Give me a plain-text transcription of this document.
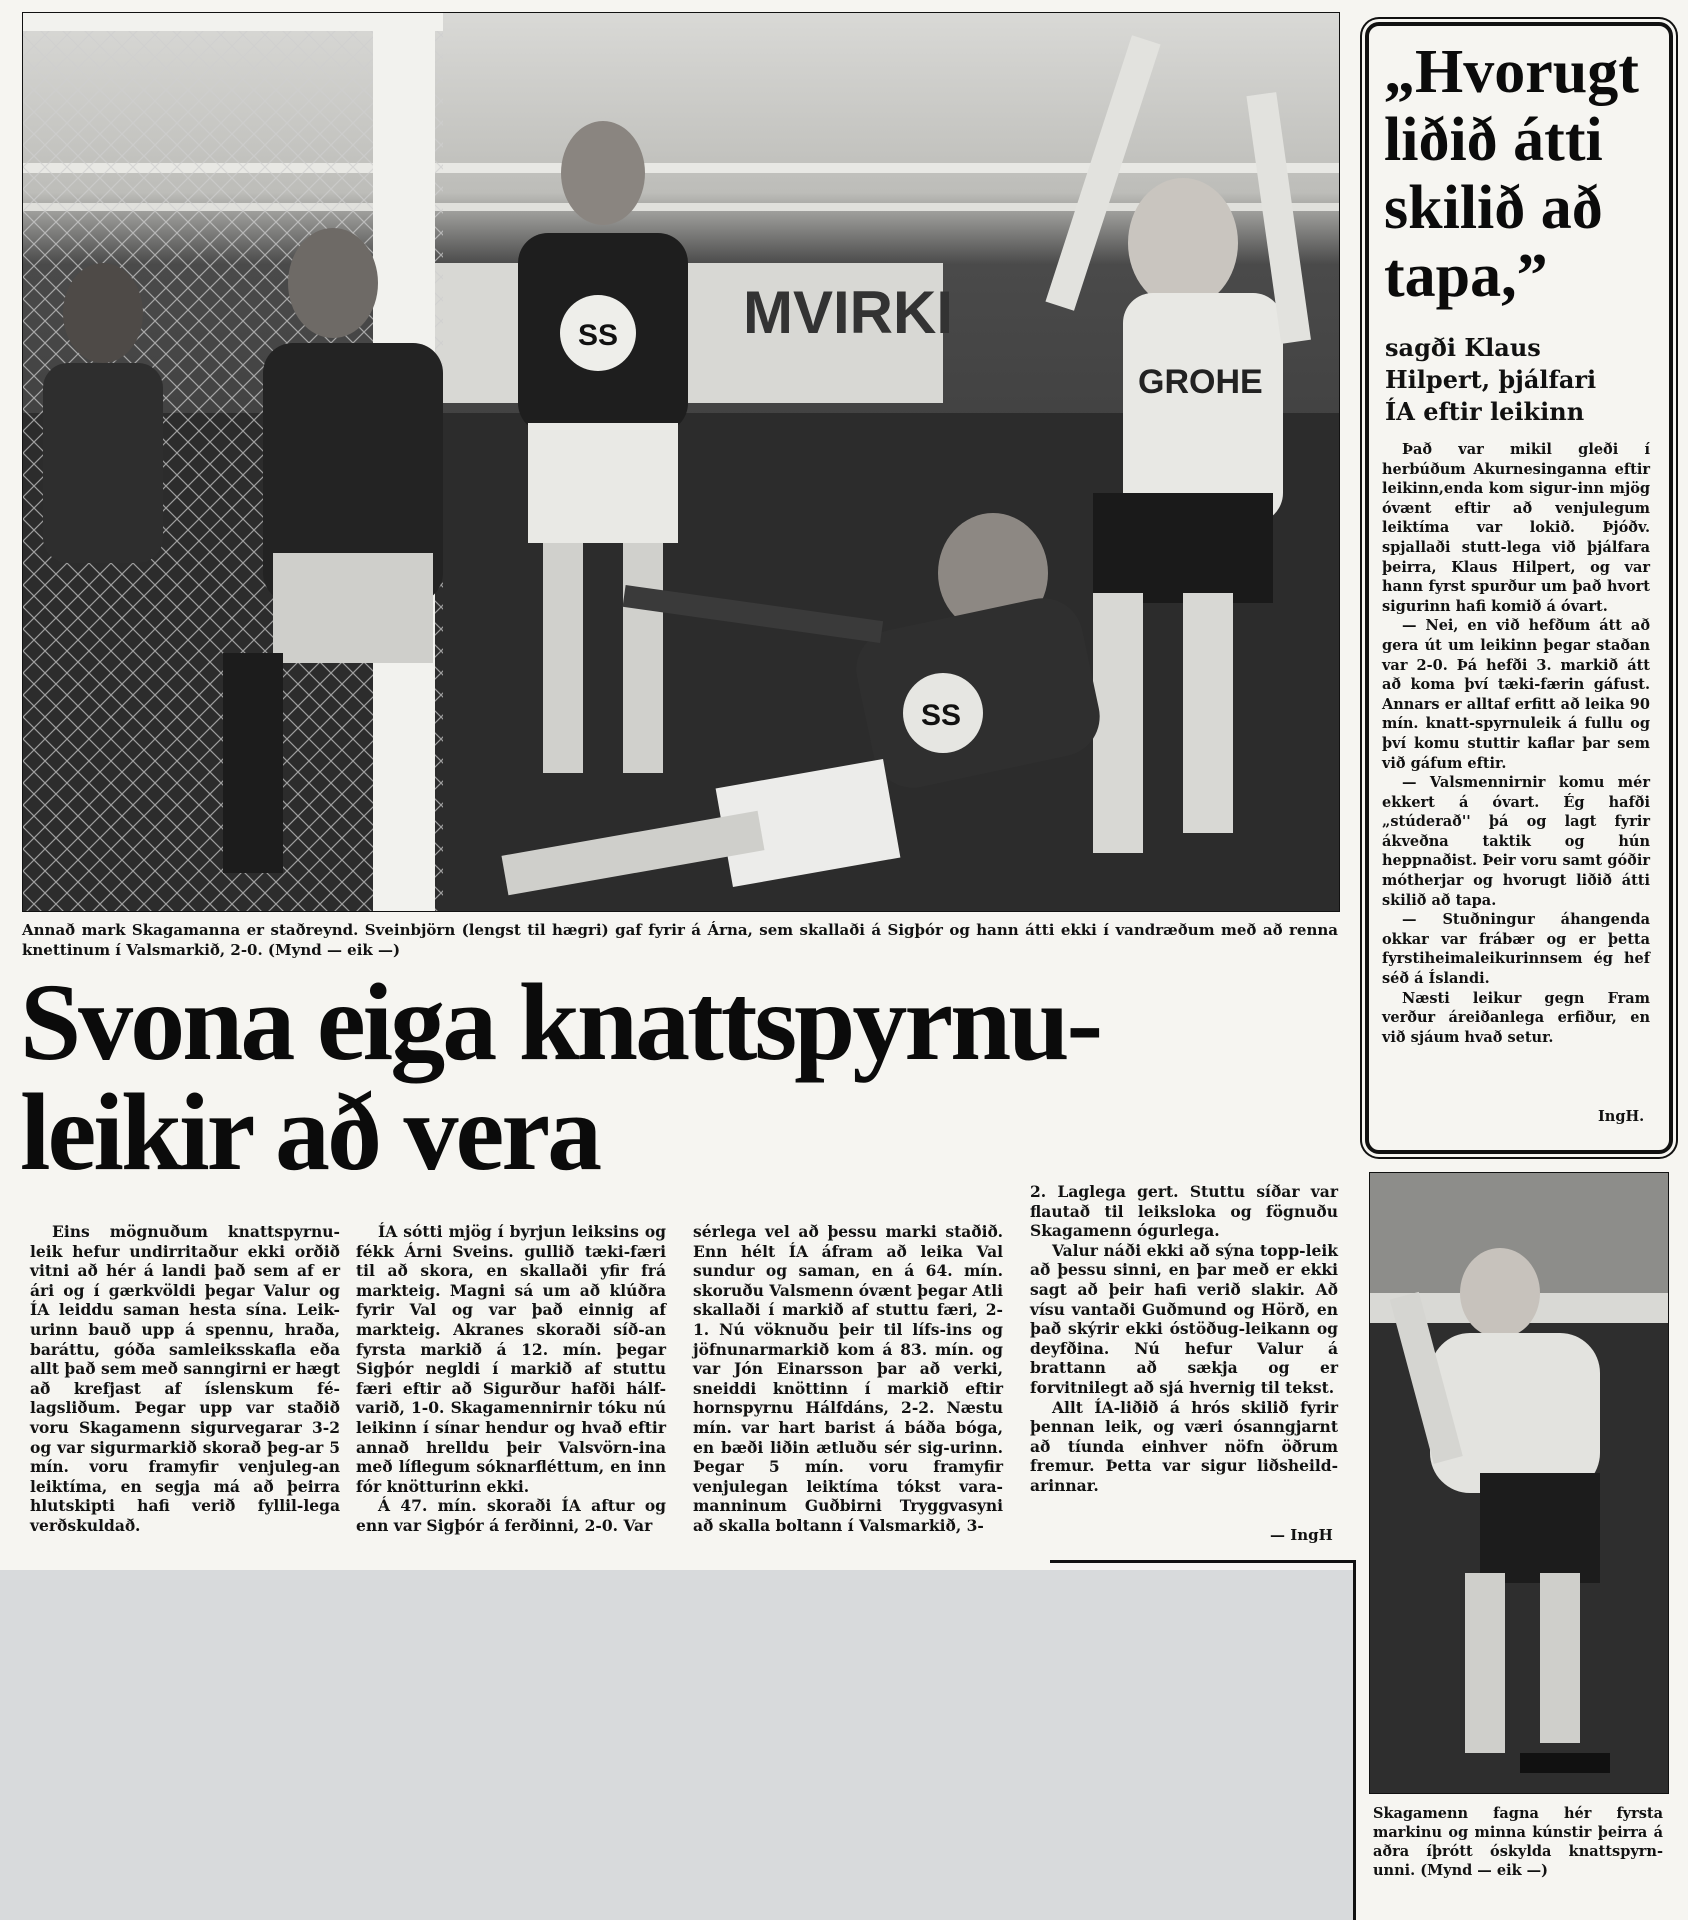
MVIRKI
SS
GROHE
SS
Annað mark Skagamanna er staðreynd. Sveinbjörn (lengst til hægri) gaf fyrir á Árna, sem skallaði á Sigþór og hann átti ekki í vandræðum með að renna knettinum í Valsmarkið, 2-0. (Mynd — eik —)
Svona eiga knattspyrnu-
leikir að vera

Eins mögnuðum knattspyrnu-leik hefur undirritaður ekki orðið vitni að hér á landi það sem af er ári og í gærkvöldi þegar Valur og ÍA leiddu saman hesta sína. Leik-urinn bauð upp á spennu, hraða, baráttu, góða samleiksskafla eða allt það sem með sanngirni er hægt að krefjast af íslenskum fé-lagsliðum. Þegar upp var staðið voru Skagamenn sigurvegarar 3-2 og var sigurmarkið skorað þeg-ar 5 mín. voru framyfir venjuleg-an leiktíma, en segja má að þeirra hlutskipti hafi verið fyllil-lega verðskuldað.

ÍA sótti mjög í byrjun leiksins og fékk Árni Sveins. gullið tæki-færi til að skora, en skallaði yfir frá markteig. Magni sá um að klúðra fyrir Val og var það einnig af markteig. Akranes skoraði síð-an fyrsta markið á 12. mín. þegar Sigþór negldi í markið af stuttu færi eftir að Sigurður hafði hálf-varið, 1-0. Skagamennirnir tóku nú leikinn í sínar hendur og hvað eftir annað hrelldu þeir Valsvörn-ina með líflegum sóknarfléttum, en inn fór knötturinn ekki.

Á 47. mín. skoraði ÍA aftur og enn var Sigþór á ferðinni, 2-0. Var

sérlega vel að þessu marki staðið. Enn hélt ÍA áfram að leika Val sundur og saman, en á 64. mín. skoruðu Valsmenn óvænt þegar Atli skallaði í markið af stuttu færi, 2-1. Nú vöknuðu þeir til lífs-ins og jöfnunarmarkið kom á 83. mín. og var Jón Einarsson þar að verki, sneiddi knöttinn í markið eftir hornspyrnu Hálfdáns, 2-2. Næstu mín. var hart barist á báða bóga, en bæði liðin ætluðu sér sig-urinn. Þegar 5 mín. voru framyfir venjulegan leiktíma tókst vara-manninum Guðbirni Tryggvasyni að skalla boltann í Valsmarkið, 3-

2. Laglega gert. Stuttu síðar var flautað til leiksloka og fögnuðu Skagamenn ógurlega.

Valur náði ekki að sýna topp-leik að þessu sinni, en þar með er ekki sagt að þeir hafi verið slakir. Að vísu vantaði Guðmund og Hörð, en það skýrir ekki óstöðug-leikann og deyfðina. Nú hefur Valur á brattann að sækja og er forvitnilegt að sjá hvernig til tekst.

Allt ÍA-liðið á hrós skilið fyrir þennan leik, og væri ósanngjarnt að tíunda einhver nöfn öðrum fremur. Þetta var sigur liðsheild-arinnar.

— IngH
„Hvorugt
liðið átti
skilið að
tapa,”
sagði Klaus
Hilpert, þjálfari
ÍA eftir leikinn

Það var mikil gleði í herbúðum Akurnesinganna eftir leikinn,enda kom sigur-inn mjög óvænt eftir að venjulegum leiktíma var lokið. Þjóðv. spjallaði stutt-lega við þjálfara þeirra, Klaus Hilpert, og var hann fyrst spurður um það hvort sigurinn hafi komið á óvart.

— Nei, en við hefðum átt að gera út um leikinn þegar staðan var 2-0. Þá hefði 3. markið átt að koma því tæki-færin gáfust. Annars er alltaf erfitt að leika 90 mín. knatt-spyrnuleik á fullu og því komu stuttir kaflar þar sem við gáfum eftir.

— Valsmennirnir komu mér ekkert á óvart. Ég hafði „stúderað'' þá og lagt fyrir ákveðna taktik og hún heppnaðist. Þeir voru samt góðir mótherjar og hvorugt liðið átti skilið að tapa.

— Stuðningur áhangenda okkar var frábær og er þetta fyrstiheimaleikurinnsem ég hef séð á Íslandi.

Næsti leikur gegn Fram verður áreiðanlega erfiður, en við sjáum hvað setur.

IngH.
Skagamenn fagna hér fyrsta markinu og minna kúnstir þeirra á aðra íþrótt óskylda knattspyrn-unni. (Mynd — eik —)
